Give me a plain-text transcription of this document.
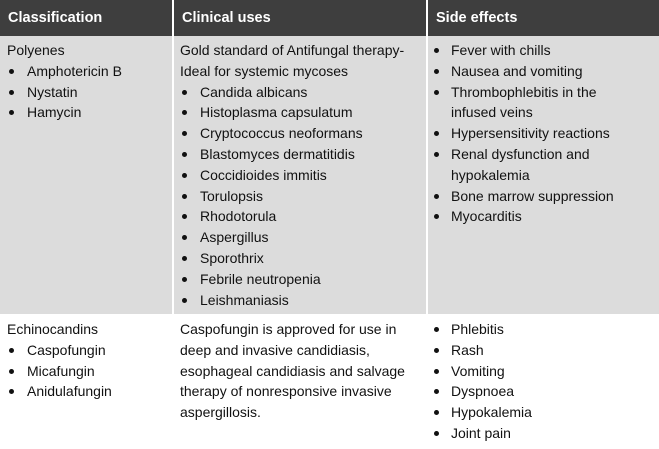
Classification	Clinical uses	Side effects
Polyenes
Amphotericin B
Nystatin
Hamycin
Gold standard of Antifungal therapy-
Ideal for systemic mycoses
Candida albicans
Histoplasma capsulatum
Cryptococcus neoformans
Blastomyces dermatitidis
Coccidioides immitis
Torulopsis
Rhodotorula
Aspergillus
Sporothrix
Febrile neutropenia
Leishmaniasis
Fever with chills
Nausea and vomiting
Thrombophlebitis in the
infused veins
Hypersensitivity reactions
Renal dysfunction and
hypokalemia
Bone marrow suppression
Myocarditis
Echinocandins
Caspofungin
Micafungin
Anidulafungin
Caspofungin is approved for use in
deep and invasive candidiasis,
esophageal candidiasis and salvage
therapy of nonresponsive invasive
aspergillosis.
Phlebitis
Rash
Vomiting
Dyspnoea
Hypokalemia
Joint pain
